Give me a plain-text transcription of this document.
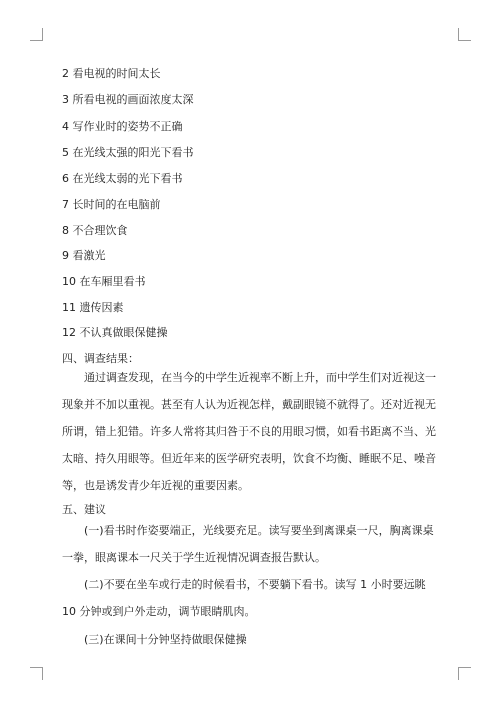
2 看电视的时间太长
3 所看电视的画面浓度太深
4 写作业时的姿势不正确
5 在光线太强的阳光下看书
6 在光线太弱的光下看书
7 长时间的在电脑前
8 不合理饮食
9 看激光
10 在车厢里看书
11 遗传因素
12 不认真做眼保健操
四、调查结果：
通过调查发现，在当今的中学生近视率不断上升，而中学生们对近视这一现象并不加以重视。甚至有人认为近视怎样，戴副眼镜不就得了。还对近视无所谓，错上犯错。许多人常将其归咎于不良的用眼习惯，如看书距离不当、光太暗、持久用眼等。但近年来的医学研究表明，饮食不均衡、睡眠不足、噪音等，也是诱发青少年近视的重要因素。
五、建议
(一)看书时作姿要端正，光线要充足。读写要坐到离课桌一尺，胸离课桌一拳，眼离课本一尺关于学生近视情况调查报告默认。
(二)不要在坐车或行走的时候看书，不要躺下看书。读写 1 小时要远眺 10 分钟或到户外走动，调节眼睛肌肉。
(三)在课间十分钟坚持做眼保健操
